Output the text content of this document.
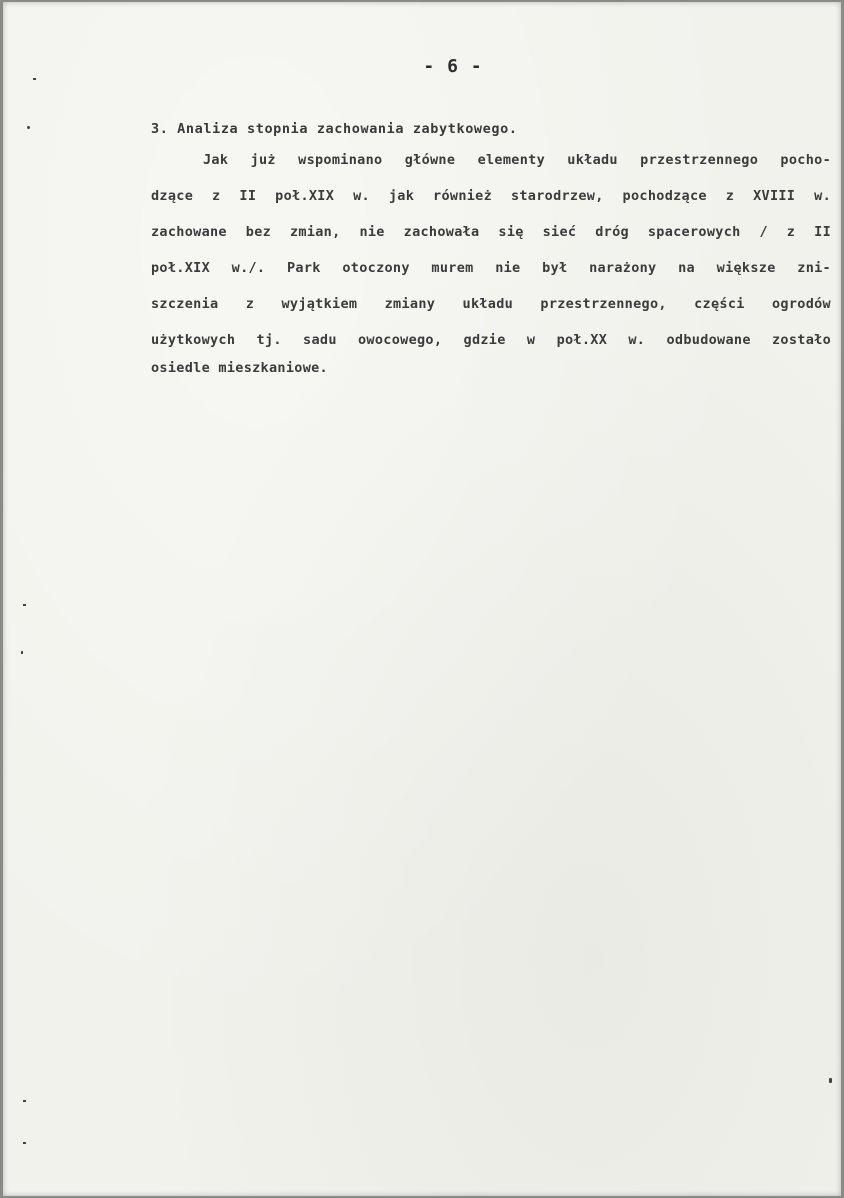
- 6 -
3. Analiza stopnia zachowania zabytkowego.
Jak już wspominano główne elementy układu przestrzennego pocho-
dzące z II poł.XIX w. jak również starodrzew, pochodzące z XVIII w.
zachowane bez zmian, nie zachowała się sieć dróg spacerowych / z II
poł.XIX w./. Park otoczony murem nie był narażony na większe zni-
szczenia z wyjątkiem zmiany układu przestrzennego, części ogrodów
użytkowych tj. sadu owocowego, gdzie w poł.XX w. odbudowane zostało
osiedle mieszkaniowe.
